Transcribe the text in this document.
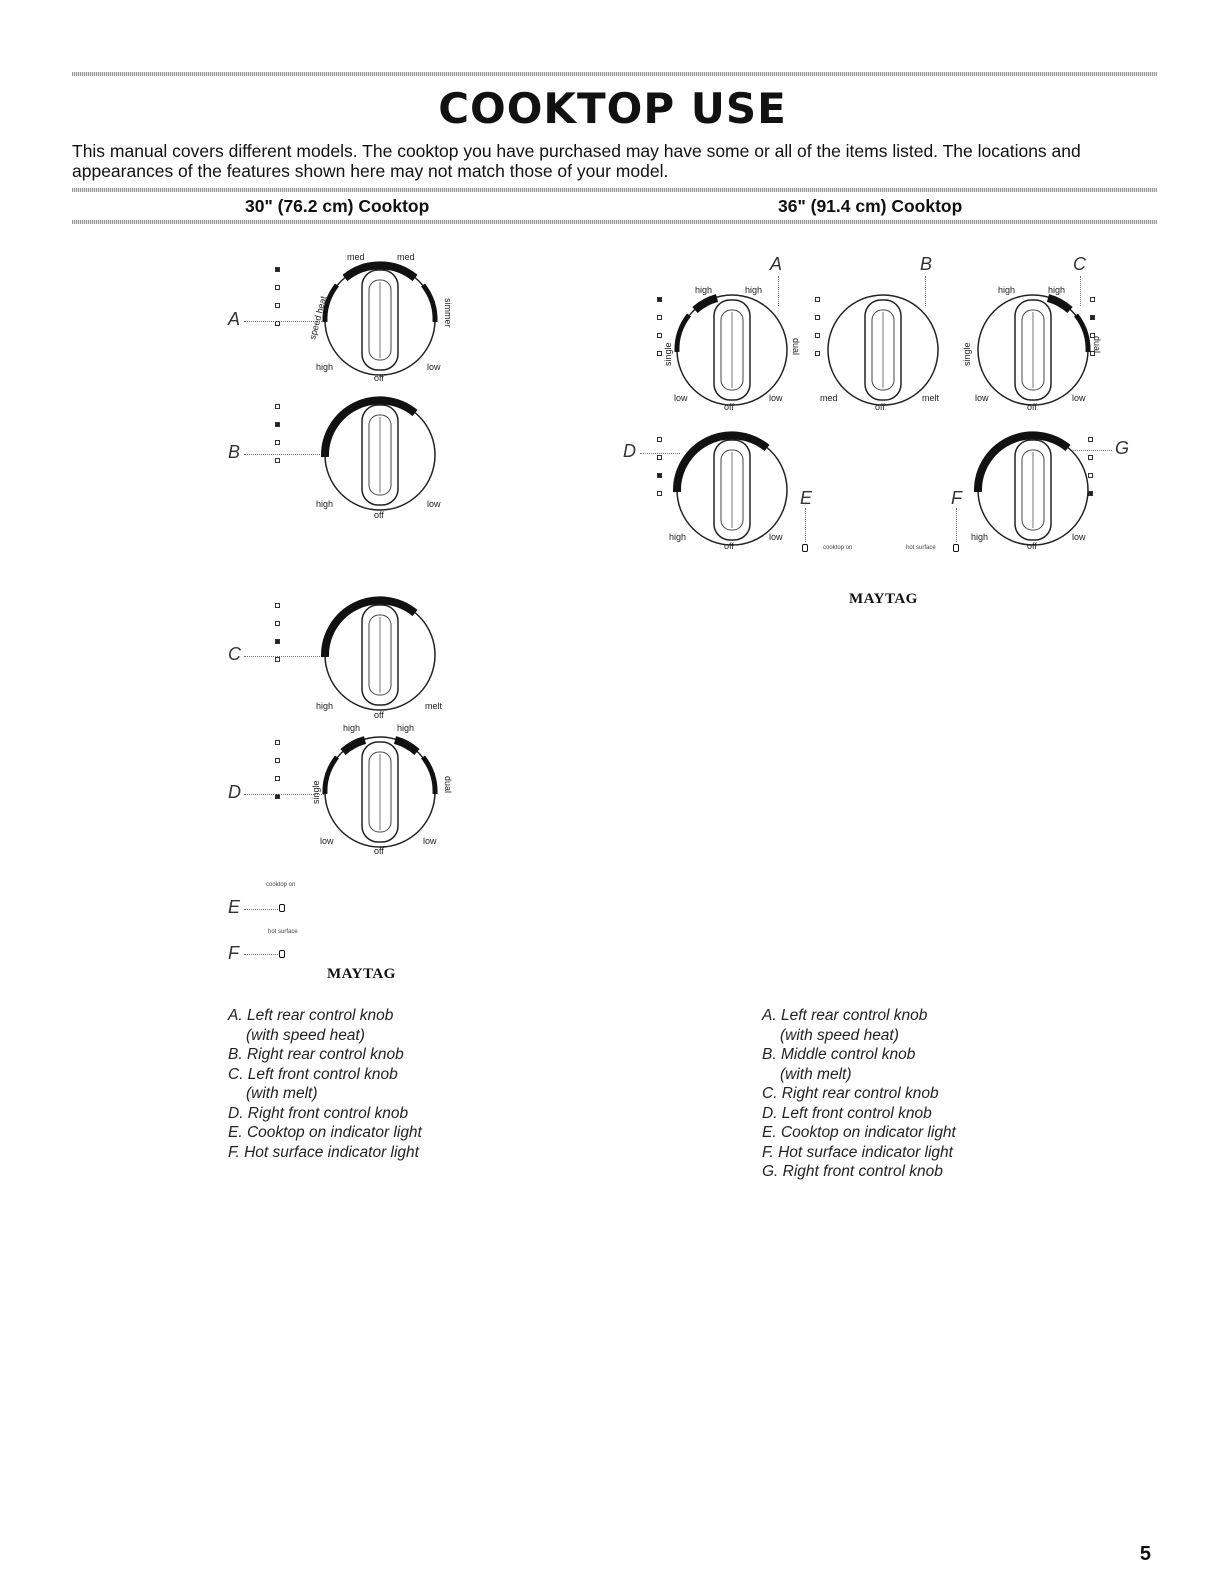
COOKTOP USE
This manual covers different models. The cooktop you have purchased may have some or all of the items listed. The locations and appearances of the features shown here may not match those of your model.
30" (76.2 cm) Cooktop	36" (91.4 cm) Cooktop
A
med	med
high
off
low
speed heat	simmer
B
high
off
low
C
high
off
melt
D
high	high
low
off
low
single	dual
cooktop on
E
hot surface
F
MAYTAG
A	B	C
high	high
low
off
low
single	dual
med
off
melt
high	high
low
off
low
single	dual
D
high
off
low
G
high
off
low
E
cooktop on
F
hot surface
MAYTAG
A. Left rear control knob
(with speed heat)
B. Right rear control knob
C. Left front control knob
(with melt)
D. Right front control knob
E. Cooktop on indicator light
F. Hot surface indicator light
A. Left rear control knob
(with speed heat)
B. Middle control knob
(with melt)
C. Right rear control knob
D. Left front control knob
E. Cooktop on indicator light
F. Hot surface indicator light
G. Right front control knob
5
